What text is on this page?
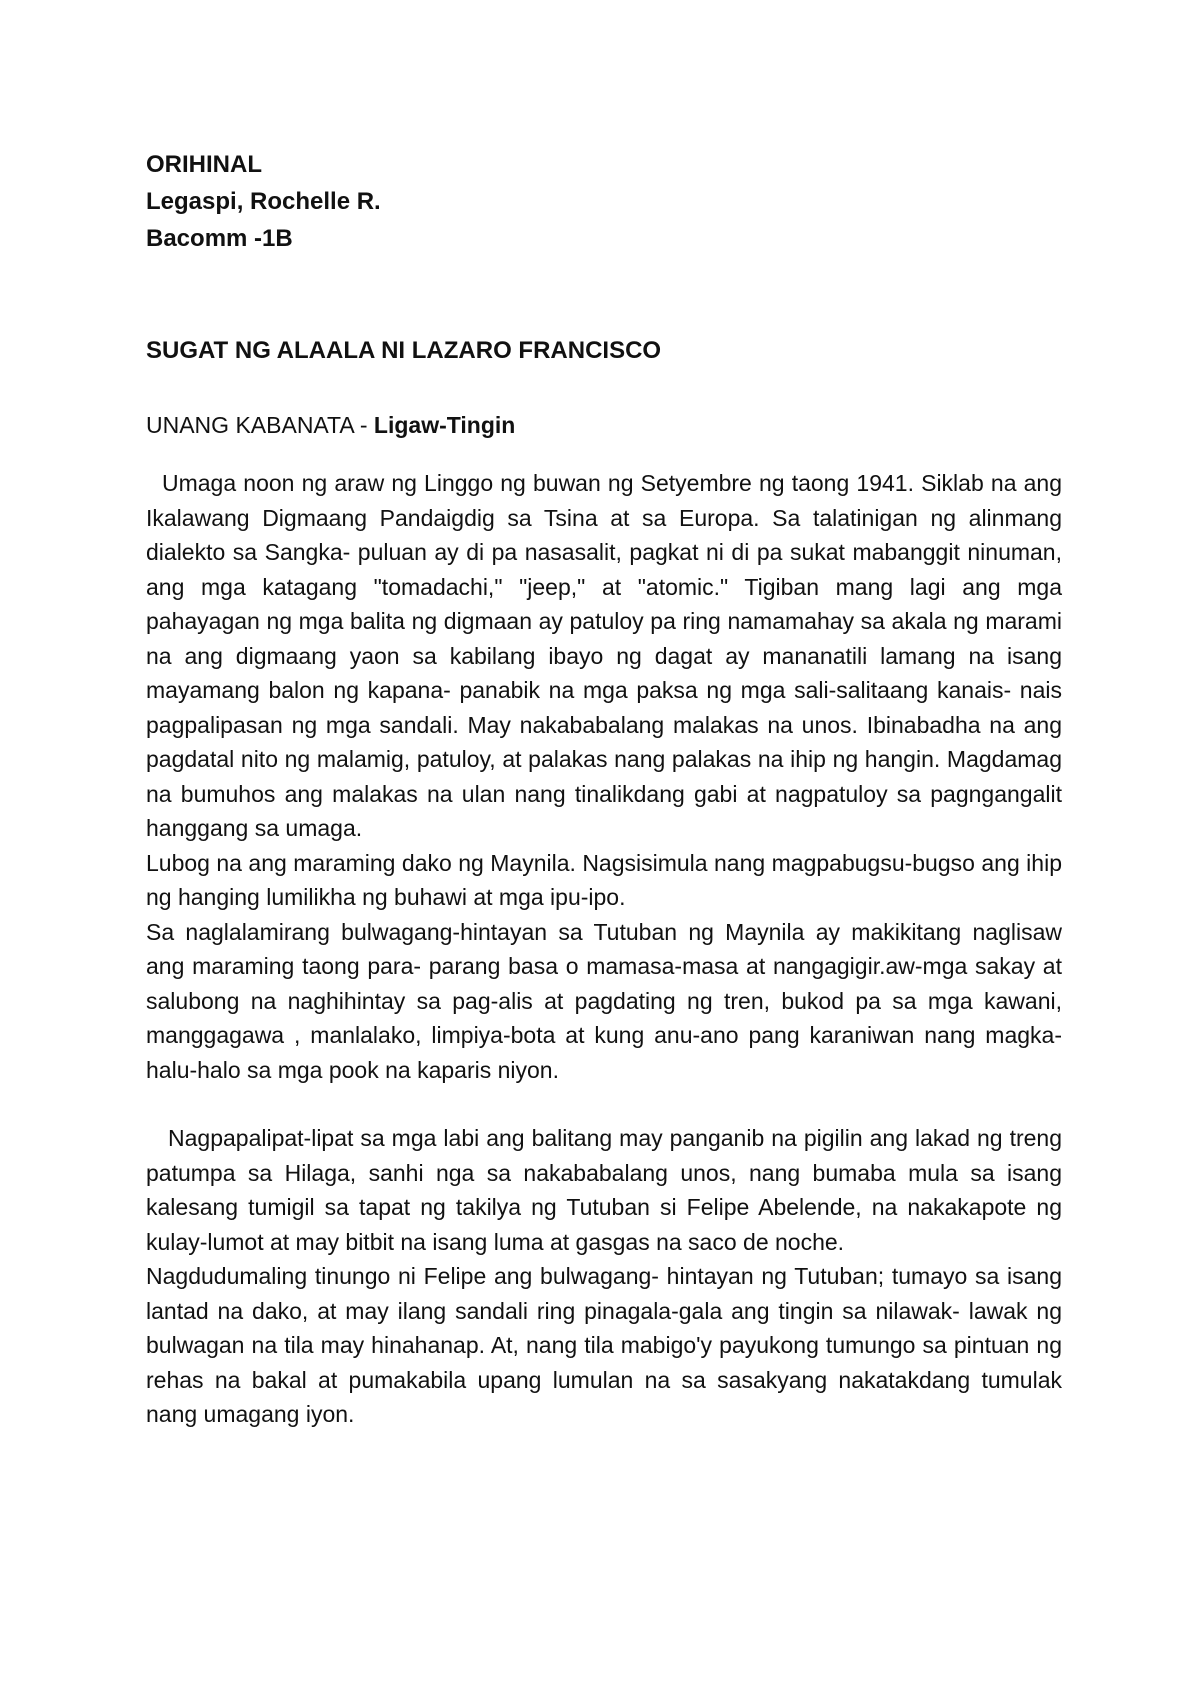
ORIHINAL

Legaspi, Rochelle R.

Bacomm -1B

SUGAT NG ALAALA NI LAZARO FRANCISCO

UNANG KABANATA - Ligaw-Tingin

Umaga noon ng araw ng Linggo ng buwan ng Setyembre ng taong 1941. Siklab na ang Ikalawang Digmaang Pandaigdig sa Tsina at sa Europa. Sa talatinigan ng alinmang dialekto sa Sangka- puluan ay di pa nasasalit, pagkat ni di pa sukat mabanggit ninuman, ang mga katagang "tomadachi," "jeep," at "atomic." Tigiban mang lagi ang mga pahayagan ng mga balita ng digmaan ay patuloy pa ring namamahay sa akala ng marami na ang digmaang yaon sa kabilang ibayo ng dagat ay mananatili lamang na isang mayamang balon ng kapana- panabik na mga paksa ng mga sali-salitaang kanais- nais pagpalipasan ng mga sandali. May nakababalang malakas na unos. Ibinabadha na ang pagdatal nito ng malamig, patuloy, at palakas nang palakas na ihip ng hangin. Magdamag na bumuhos ang malakas na ulan nang tinalikdang gabi at nagpatuloy sa pagngangalit hanggang sa umaga.

Lubog na ang maraming dako ng Maynila. Nagsisimula nang magpabugsu-bugso ang ihip ng hanging lumilikha ng buhawi at mga ipu-ipo.

Sa naglalamirang bulwagang-hintayan sa Tutuban ng Maynila ay makikitang naglisaw ang maraming taong para- parang basa o mamasa-masa at nangagigir.aw-mga sakay at salubong na naghihintay sa pag-alis at pagdating ng tren, bukod pa sa mga kawani, manggagawa , manlalako, limpiya-bota at kung anu-ano pang karaniwan nang magka- halu-halo sa mga pook na kaparis niyon.

Nagpapalipat-lipat sa mga labi ang balitang may panganib na pigilin ang lakad ng treng patumpa sa Hilaga, sanhi nga sa nakababalang unos, nang bumaba mula sa isang kalesang tumigil sa tapat ng takilya ng Tutuban si Felipe Abelende, na nakakapote ng kulay-lumot at may bitbit na isang luma at gasgas na saco de noche.

Nagdudumaling tinungo ni Felipe ang bulwagang- hintayan ng Tutuban; tumayo sa isang lantad na dako, at may ilang sandali ring pinagala-gala ang tingin sa nilawak- lawak ng bulwagan na tila may hinahanap. At, nang tila mabigo'y payukong tumungo sa pintuan ng rehas na bakal at pumakabila upang lumulan na sa sasakyang nakatakdang tumulak nang umagang iyon.
